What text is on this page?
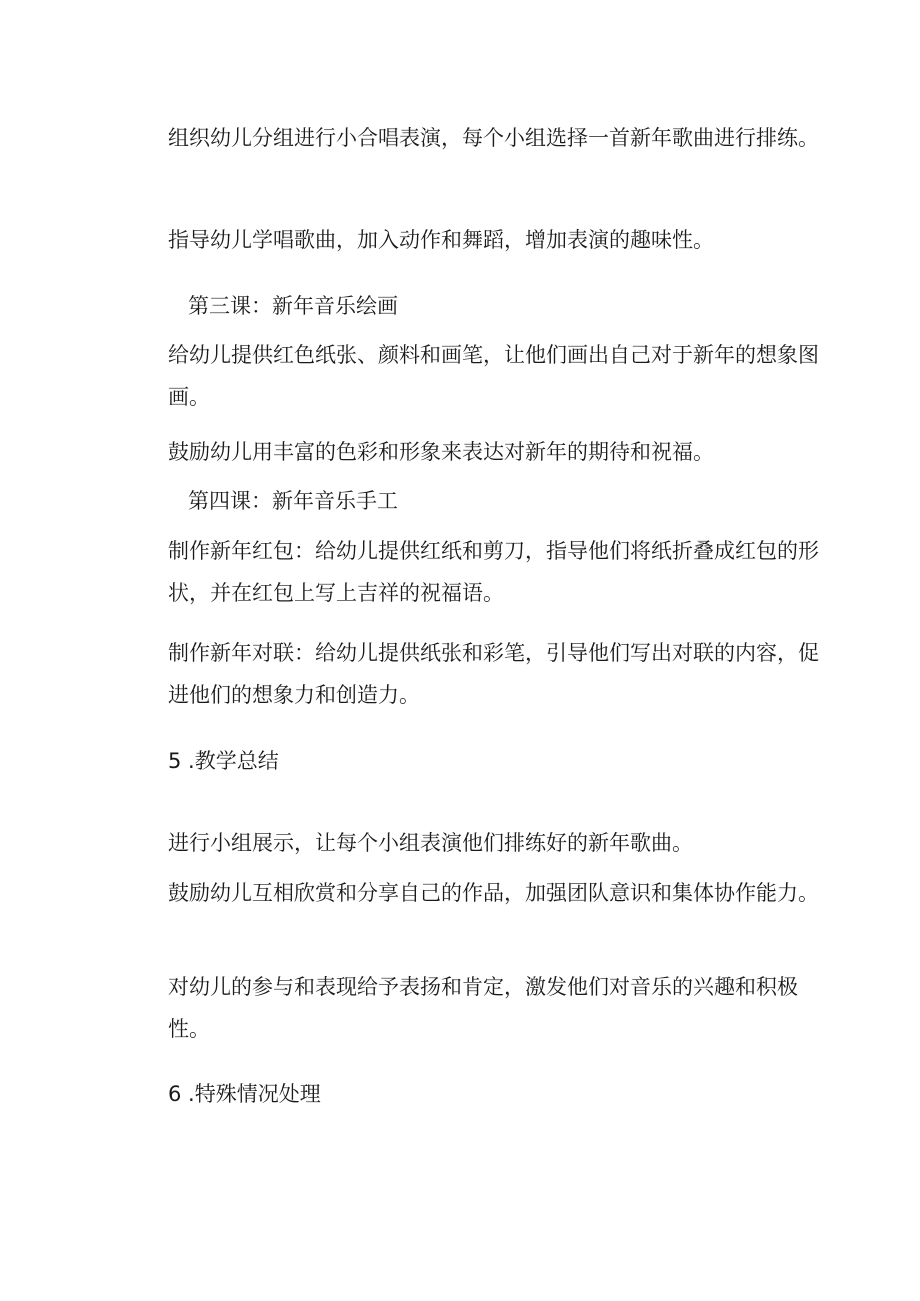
组织幼儿分组进行小合唱表演，每个小组选择一首新年歌曲进行排练。

指导幼儿学唱歌曲，加入动作和舞蹈，增加表演的趣味性。

第三课：新年音乐绘画

给幼儿提供红色纸张、颜料和画笔，让他们画出自己对于新年的想象图画。

鼓励幼儿用丰富的色彩和形象来表达对新年的期待和祝福。

第四课：新年音乐手工

制作新年红包：给幼儿提供红纸和剪刀，指导他们将纸折叠成红包的形状，并在红包上写上吉祥的祝福语。

制作新年对联：给幼儿提供纸张和彩笔，引导他们写出对联的内容，促进他们的想象力和创造力。

5 .教学总结

进行小组展示，让每个小组表演他们排练好的新年歌曲。

鼓励幼儿互相欣赏和分享自己的作品，加强团队意识和集体协作能力。

对幼儿的参与和表现给予表扬和肯定，激发他们对音乐的兴趣和积极性。

6 .特殊情况处理
